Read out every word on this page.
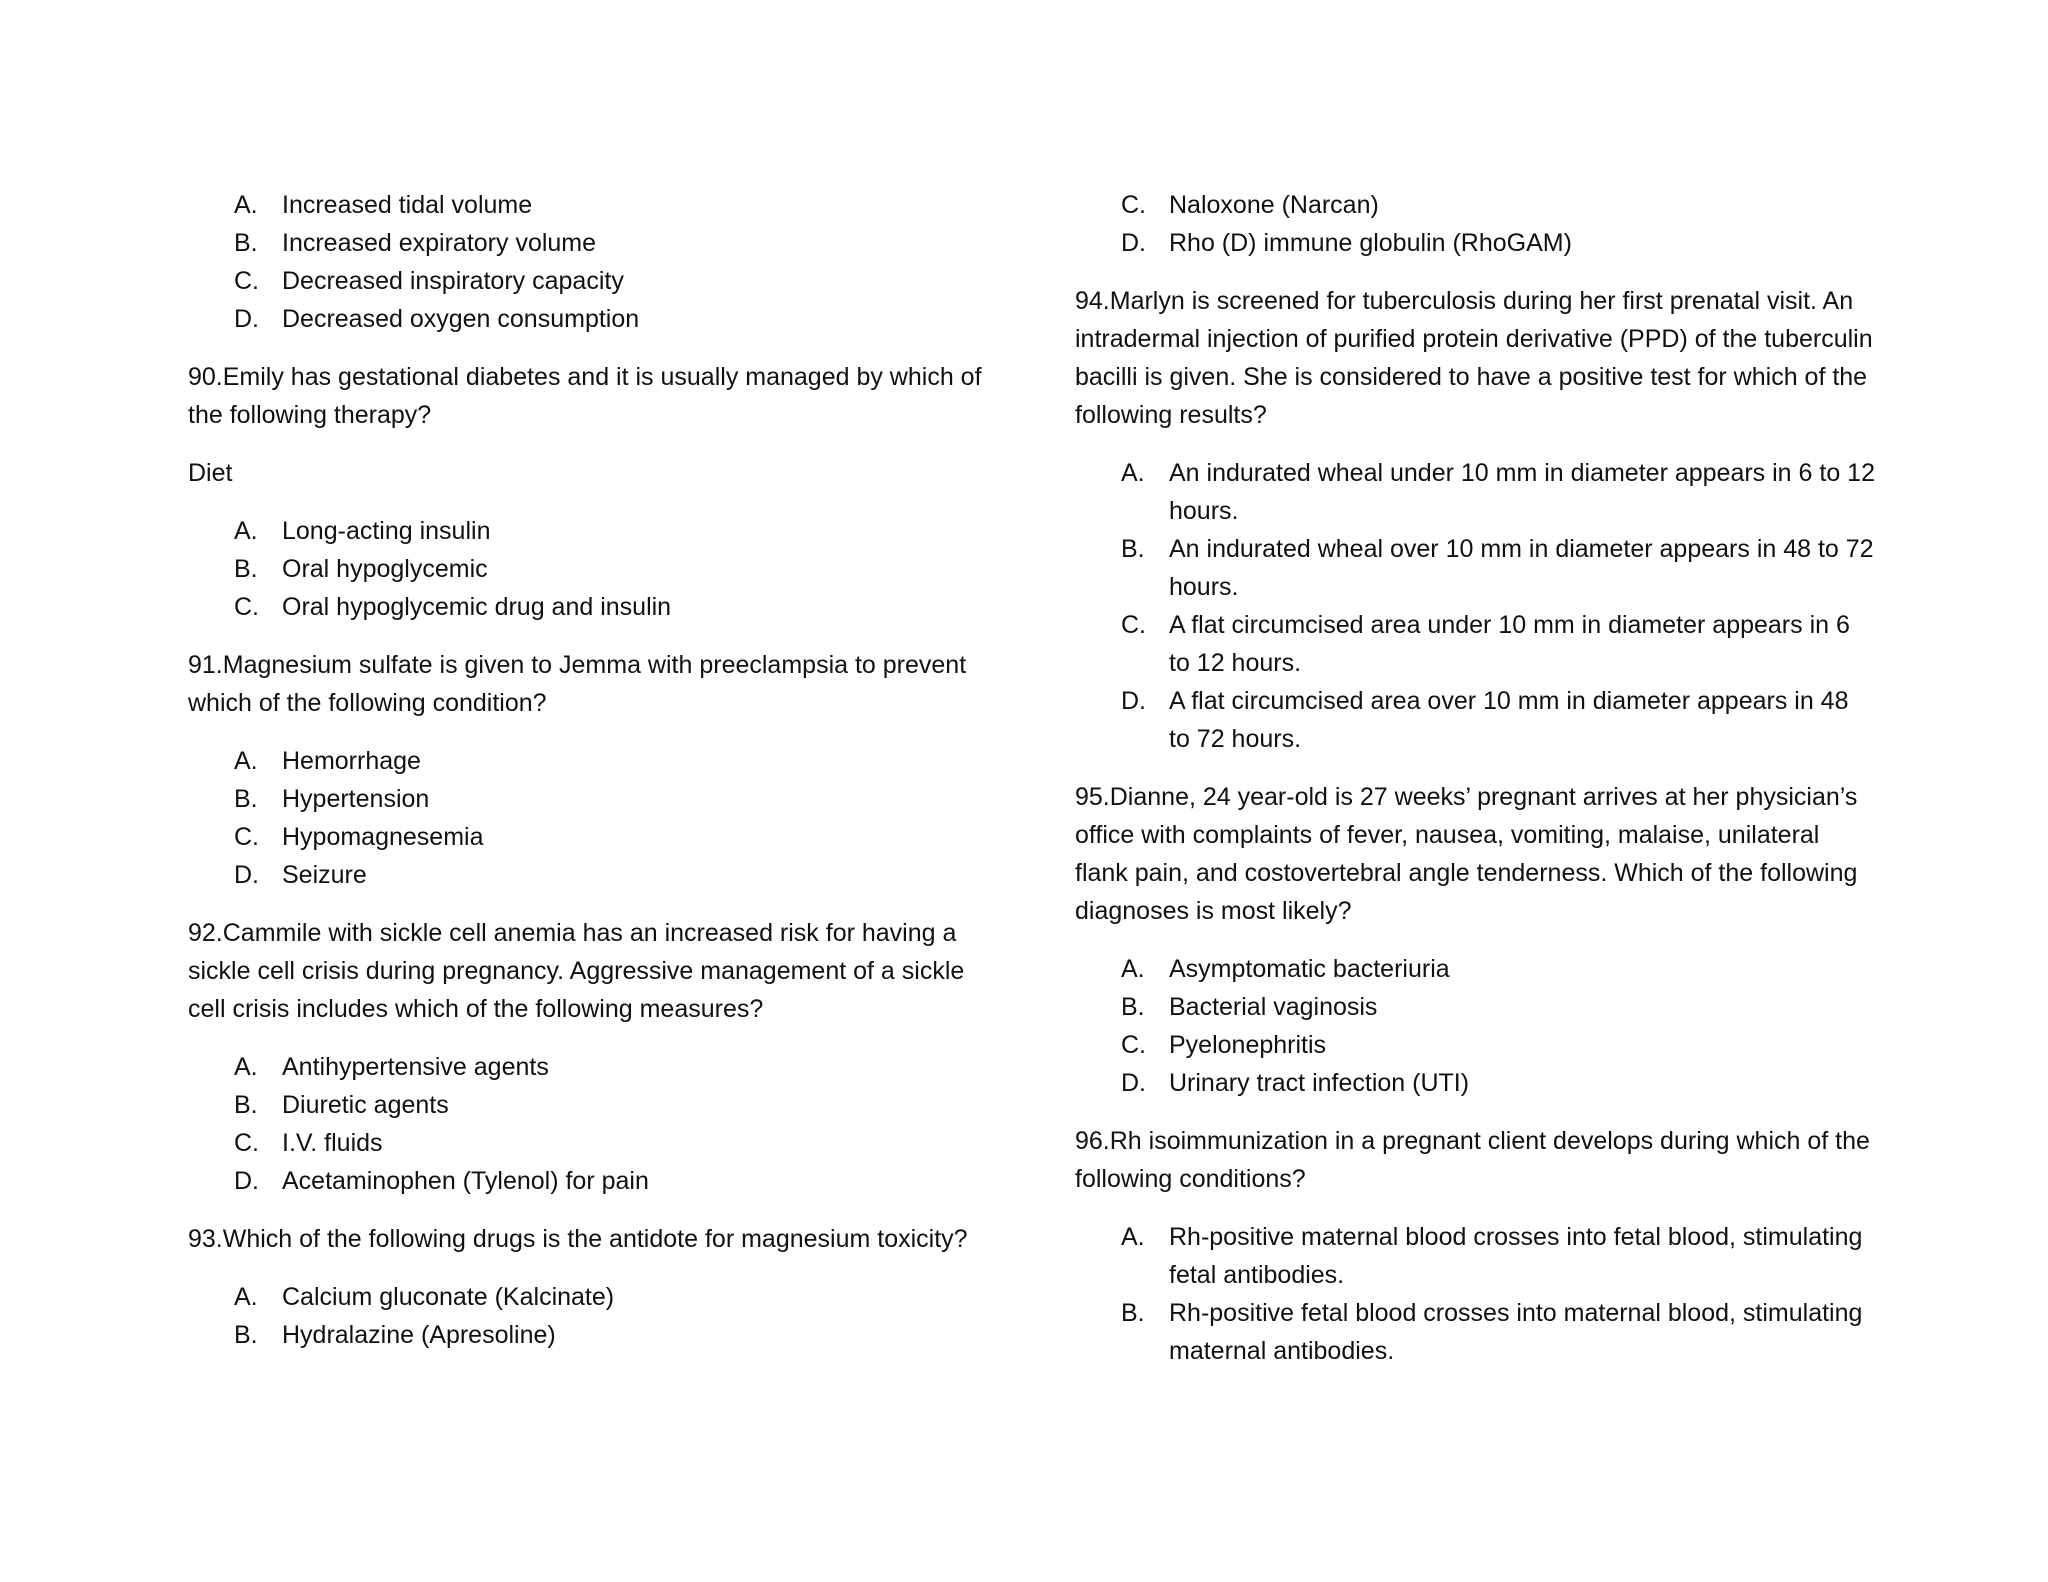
A. Increased tidal volume
B. Increased expiratory volume
C. Decreased inspiratory capacity
D. Decreased oxygen consumption

90.Emily has gestational diabetes and it is usually managed by which of the following therapy?

Diet

A. Long-acting insulin
B. Oral hypoglycemic
C. Oral hypoglycemic drug and insulin

91.Magnesium sulfate is given to Jemma with preeclampsia to prevent which of the following condition?

A. Hemorrhage
B. Hypertension
C. Hypomagnesemia
D. Seizure

92.Cammile with sickle cell anemia has an increased risk for having a sickle cell crisis during pregnancy. Aggressive management of a sickle cell crisis includes which of the following measures?

A. Antihypertensive agents
B. Diuretic agents
C. I.V. fluids
D. Acetaminophen (Tylenol) for pain

93.Which of the following drugs is the antidote for magnesium toxicity?

A. Calcium gluconate (Kalcinate)
B. Hydralazine (Apresoline)
C. Naloxone (Narcan)
D. Rho (D) immune globulin (RhoGAM)

94.Marlyn is screened for tuberculosis during her first prenatal visit. An intradermal injection of purified protein derivative (PPD) of the tuberculin bacilli is given. She is considered to have a positive test for which of the following results?

A. An indurated wheal under 10 mm in diameter appears in 6 to 12 hours.
B. An indurated wheal over 10 mm in diameter appears in 48 to 72 hours.
C. A flat circumcised area under 10 mm in diameter appears in 6 to 12 hours.
D. A flat circumcised area over 10 mm in diameter appears in 48 to 72 hours.

95.Dianne, 24 year-old is 27 weeks’ pregnant arrives at her physician’s office with complaints of fever, nausea, vomiting, malaise, unilateral flank pain, and costovertebral angle tenderness. Which of the following diagnoses is most likely?

A. Asymptomatic bacteriuria
B. Bacterial vaginosis
C. Pyelonephritis
D. Urinary tract infection (UTI)

96.Rh isoimmunization in a pregnant client develops during which of the following conditions?

A. Rh-positive maternal blood crosses into fetal blood, stimulating fetal antibodies.
B. Rh-positive fetal blood crosses into maternal blood, stimulating maternal antibodies.
